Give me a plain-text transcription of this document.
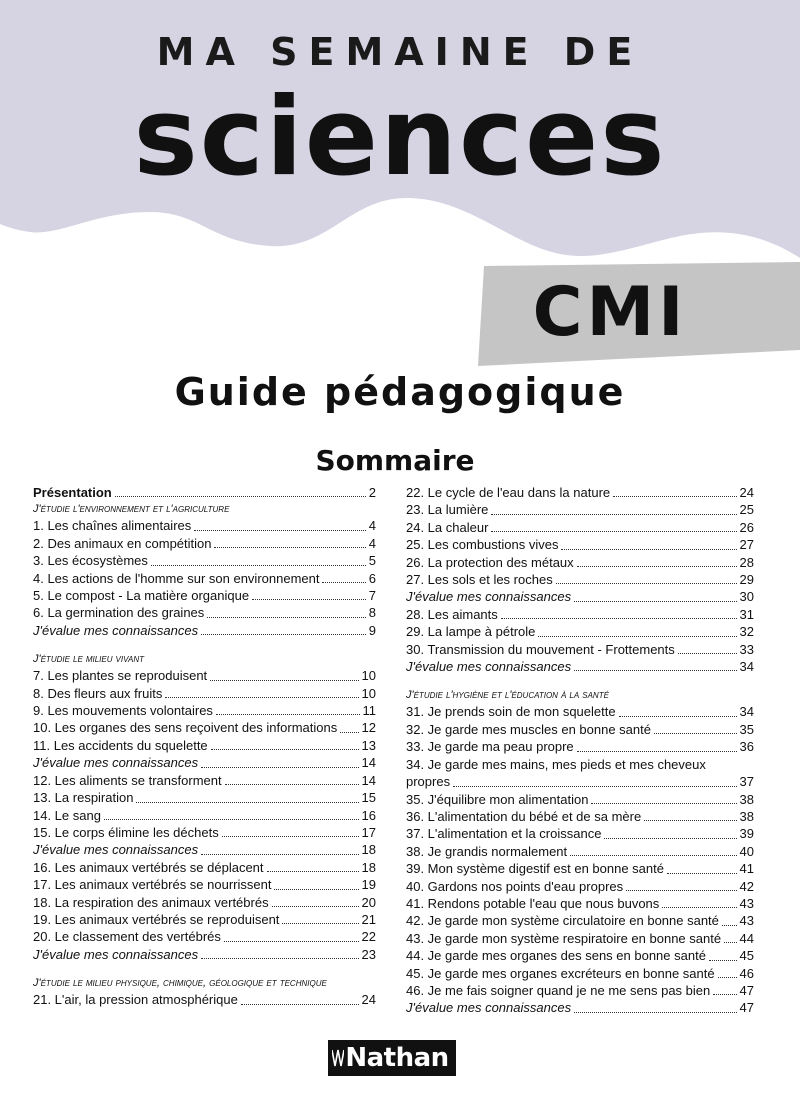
MA SEMAINE DE
sciences
CMI
Guide pédagogique
Sommaire
Présentation	2
J'étudie l'environnement et l'agriculture
1. Les chaînes alimentaires	4
2. Des animaux en compétition	4
3. Les écosystèmes	5
4. Les actions de l'homme sur son environnement	6
5. Le compost - La matière organique	7
6. La germination des graines	8
J'évalue mes connaissances	9
J'étudie le milieu vivant
7. Les plantes se reproduisent	10
8. Des fleurs aux fruits	10
9. Les mouvements volontaires	11
10. Les organes des sens reçoivent des informations 12
11. Les accidents du squelette	13
J'évalue mes connaissances	14
12. Les aliments se transforment	14
13. La respiration	15
14. Le sang	16
15. Le corps élimine les déchets	17
J'évalue mes connaissances	18
16. Les animaux vertébrés se déplacent	18
17. Les animaux vertébrés se nourrissent	19
18. La respiration des animaux vertébrés	20
19. Les animaux vertébrés se reproduisent	21
20. Le classement des vertébrés	22
J'évalue mes connaissances	23
J'étudie le milieu physique, chimique, géologique et technique
21. L'air, la pression atmosphérique	24
22. Le cycle de l'eau dans la nature	24
23. La lumière	25
24. La chaleur	26
25. Les combustions vives	27
26. La protection des métaux	28
27. Les sols et les roches	29
J'évalue mes connaissances	30
28. Les aimants	31
29. La lampe à pétrole	32
30. Transmission du mouvement - Frottements	33
J'évalue mes connaissances	34
J'étudie l'hygiène et l'éducation à la santé
31. Je prends soin de mon squelette	34
32. Je garde mes muscles en bonne santé	35
33. Je garde ma peau propre	36
34. Je garde mes mains, mes pieds et mes cheveux
propres	37
35. J'équilibre mon alimentation	38
36. L'alimentation du bébé et de sa mère	38
37. L'alimentation et la croissance	39
38. Je grandis normalement	40
39. Mon système digestif est en bonne santé	41
40. Gardons nos points d'eau propres	42
41. Rendons potable l'eau que nous buvons	43
42. Je garde mon système circulatoire en bonne santé 43
43. Je garde mon système respiratoire en bonne santé 44
44. Je garde mes organes des sens en bonne santé	45
45. Je garde mes organes excréteurs en bonne santé 46
46. Je me fais soigner quand je ne me sens pas bien 47
J'évalue mes connaissances	47
Nathan
